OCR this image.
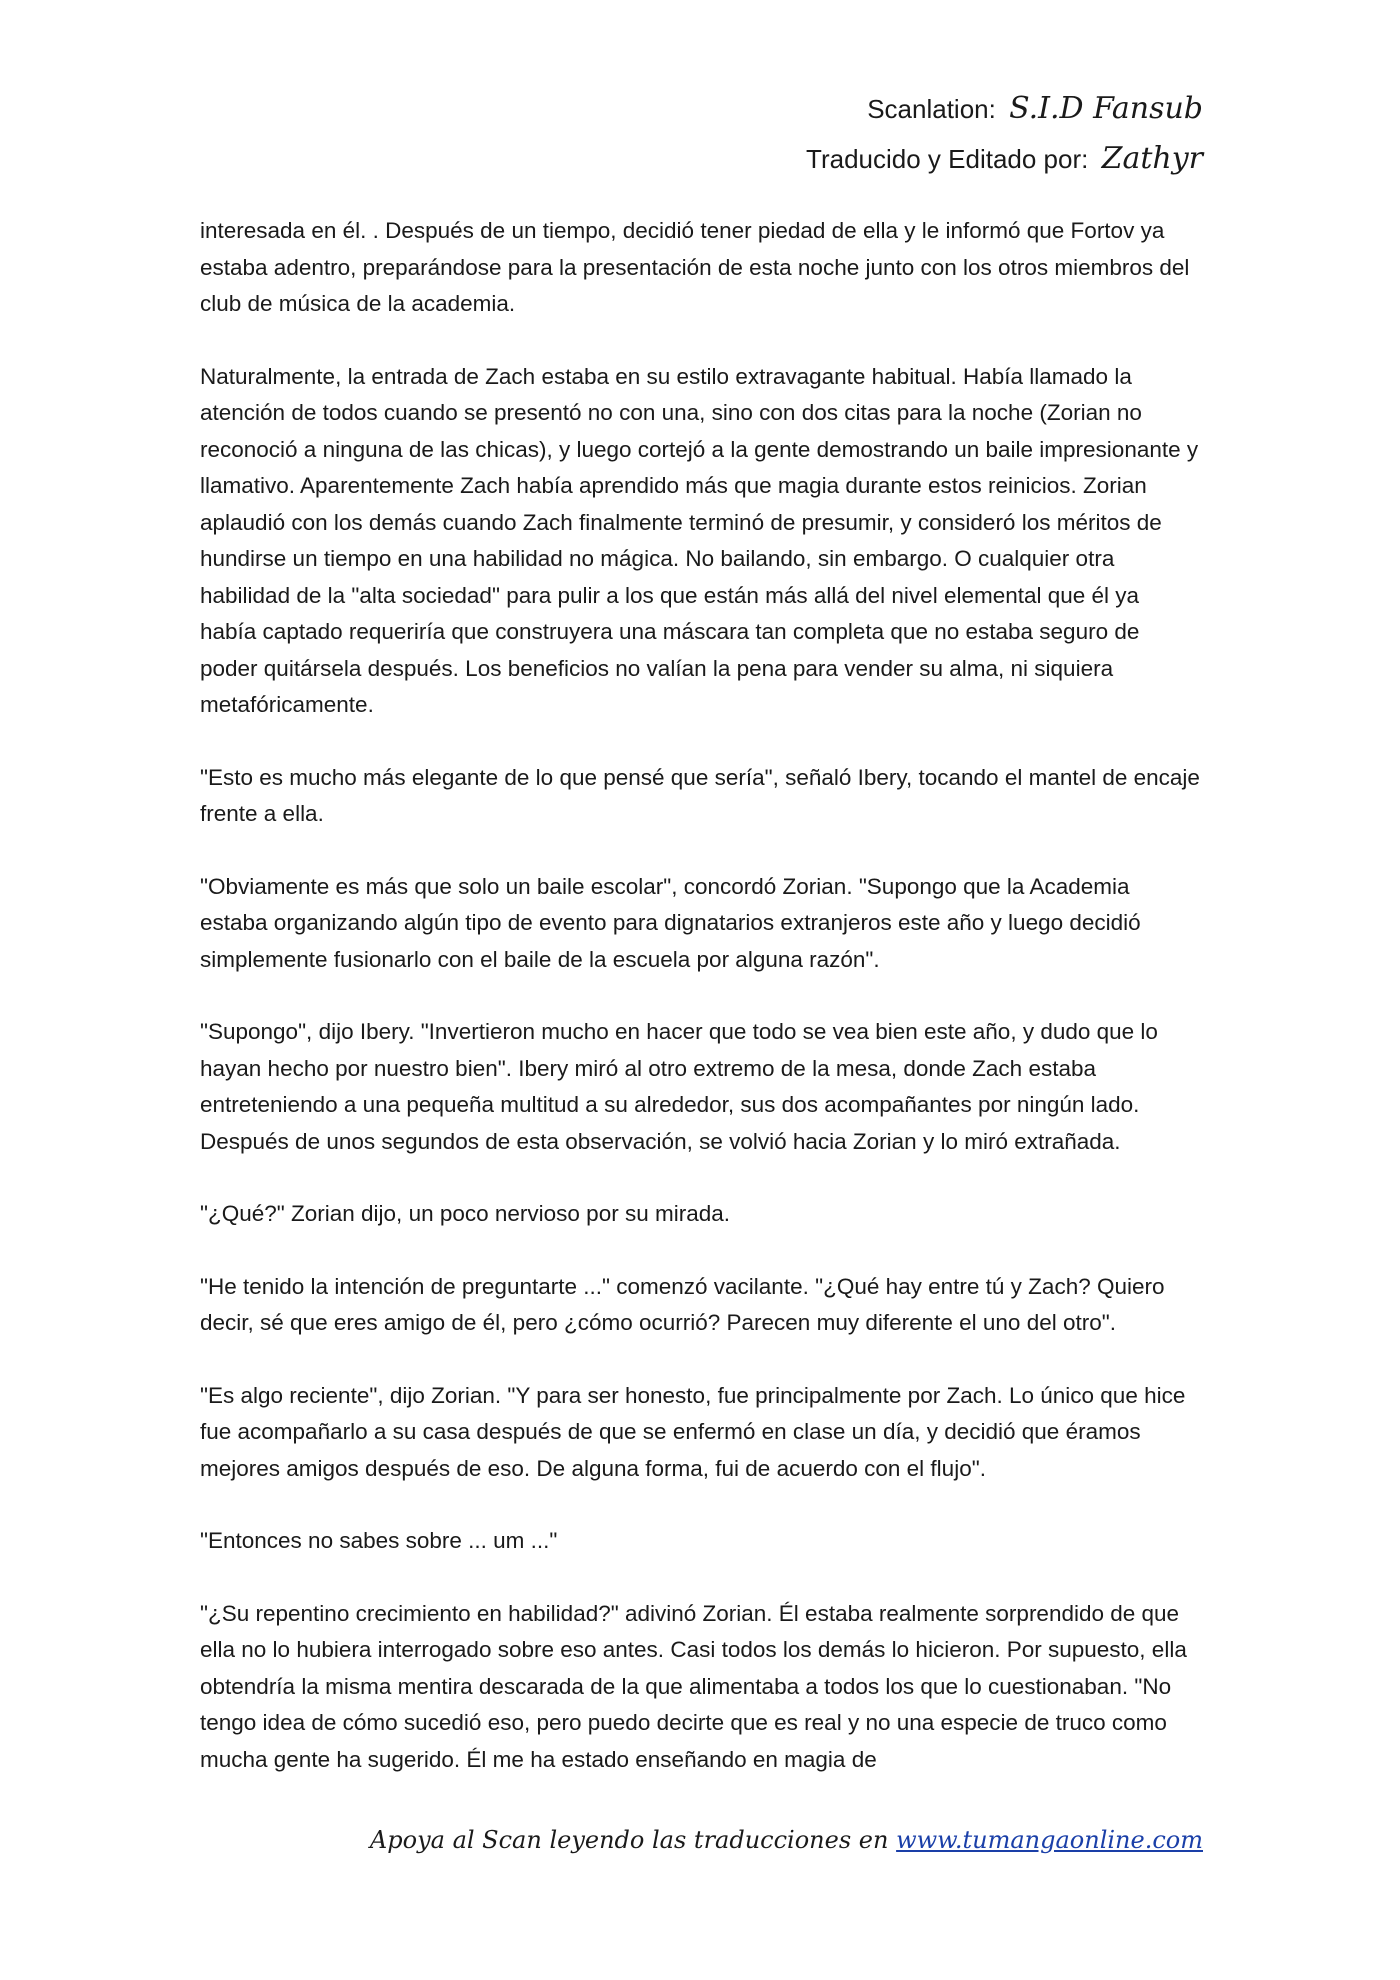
Scanlation: S.I.D Fansub
Traducido y Editado por: Zathyr

interesada en él. . Después de un tiempo, decidió tener piedad de ella y le informó que Fortov ya estaba adentro, preparándose para la presentación de esta noche junto con los otros miembros del club de música de la academia.

Naturalmente, la entrada de Zach estaba en su estilo extravagante habitual. Había llamado la atención de todos cuando se presentó no con una, sino con dos citas para la noche (Zorian no reconoció a ninguna de las chicas), y luego cortejó a la gente demostrando un baile impresionante y llamativo. Aparentemente Zach había aprendido más que magia durante estos reinicios. Zorian aplaudió con los demás cuando Zach finalmente terminó de presumir, y consideró los méritos de hundirse un tiempo en una habilidad no mágica. No bailando, sin embargo. O cualquier otra habilidad de la "alta sociedad" para pulir a los que están más allá del nivel elemental que él ya había captado requeriría que construyera una máscara tan completa que no estaba seguro de poder quitársela después. Los beneficios no valían la pena para vender su alma, ni siquiera metafóricamente.

"Esto es mucho más elegante de lo que pensé que sería", señaló Ibery, tocando el mantel de encaje frente a ella.

"Obviamente es más que solo un baile escolar", concordó Zorian. "Supongo que la Academia estaba organizando algún tipo de evento para dignatarios extranjeros este año y luego decidió simplemente fusionarlo con el baile de la escuela por alguna razón".

"Supongo", dijo Ibery. "Invertieron mucho en hacer que todo se vea bien este año, y dudo que lo hayan hecho por nuestro bien". Ibery miró al otro extremo de la mesa, donde Zach estaba entreteniendo a una pequeña multitud a su alrededor, sus dos acompañantes por ningún lado. Después de unos segundos de esta observación, se volvió hacia Zorian y lo miró extrañada.

"¿Qué?" Zorian dijo, un poco nervioso por su mirada.

"He tenido la intención de preguntarte ..." comenzó vacilante. "¿Qué hay entre tú y Zach? Quiero decir, sé que eres amigo de él, pero ¿cómo ocurrió? Parecen muy diferente el uno del otro".

"Es algo reciente", dijo Zorian. "Y para ser honesto, fue principalmente por Zach. Lo único que hice fue acompañarlo a su casa después de que se enfermó en clase un día, y decidió que éramos mejores amigos después de eso. De alguna forma, fui de acuerdo con el flujo".

"Entonces no sabes sobre ... um ..."

"¿Su repentino crecimiento en habilidad?" adivinó Zorian. Él estaba realmente sorprendido de que ella no lo hubiera interrogado sobre eso antes. Casi todos los demás lo hicieron. Por supuesto, ella obtendría la misma mentira descarada de la que alimentaba a todos los que lo cuestionaban. "No tengo idea de cómo sucedió eso, pero puedo decirte que es real y no una especie de truco como mucha gente ha sugerido. Él me ha estado enseñando en magia de

Apoya al Scan leyendo las traducciones en www.tumangaonline.com
